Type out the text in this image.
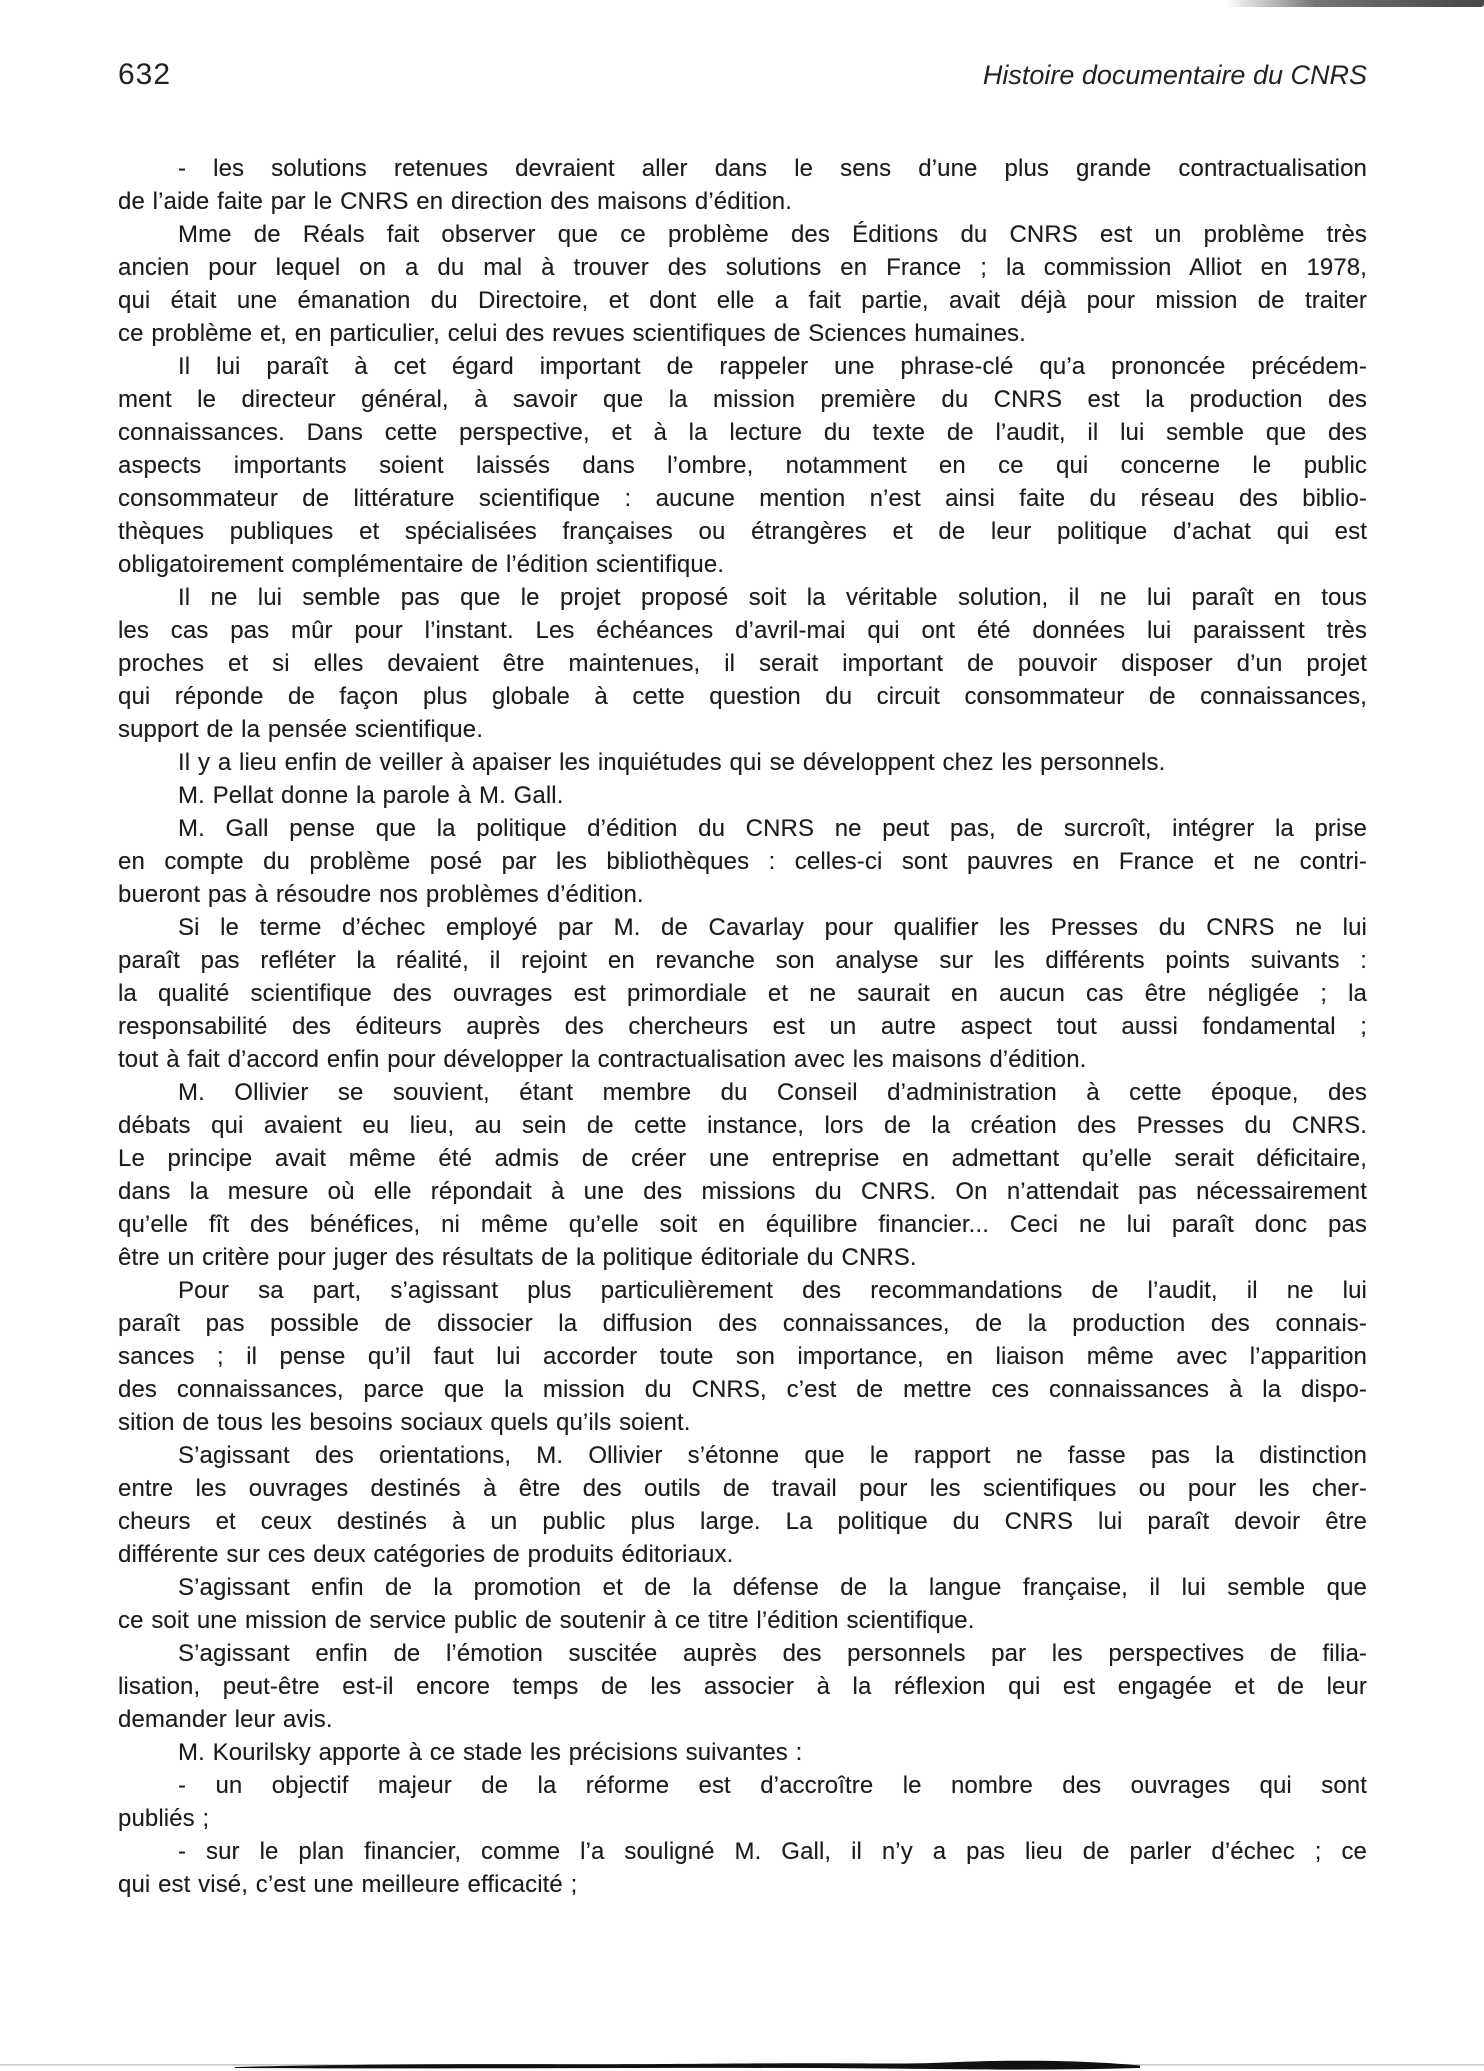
632	Histoire documentaire du CNRS
- les solutions retenues devraient aller dans le sens d’une plus grande contractualisation
de l’aide faite par le CNRS en direction des maisons d’édition.
Mme de Réals fait observer que ce problème des Éditions du CNRS est un problème très
ancien pour lequel on a du mal à trouver des solutions en France ; la commission Alliot en 1978,
qui était une émanation du Directoire, et dont elle a fait partie, avait déjà pour mission de traiter
ce problème et, en particulier, celui des revues scientifiques de Sciences humaines.
Il lui paraît à cet égard important de rappeler une phrase-clé qu’a prononcée précédem-
ment le directeur général, à savoir que la mission première du CNRS est la production des
connaissances. Dans cette perspective, et à la lecture du texte de l’audit, il lui semble que des
aspects importants soient laissés dans l’ombre, notamment en ce qui concerne le public
consommateur de littérature scientifique : aucune mention n’est ainsi faite du réseau des biblio-
thèques publiques et spécialisées françaises ou étrangères et de leur politique d’achat qui est
obligatoirement complémentaire de l’édition scientifique.
Il ne lui semble pas que le projet proposé soit la véritable solution, il ne lui paraît en tous
les cas pas mûr pour l’instant. Les échéances d’avril-mai qui ont été données lui paraissent très
proches et si elles devaient être maintenues, il serait important de pouvoir disposer d’un projet
qui réponde de façon plus globale à cette question du circuit consommateur de connaissances,
support de la pensée scientifique.
Il y a lieu enfin de veiller à apaiser les inquiétudes qui se développent chez les personnels.
M. Pellat donne la parole à M. Gall.
M. Gall pense que la politique d’édition du CNRS ne peut pas, de surcroît, intégrer la prise
en compte du problème posé par les bibliothèques : celles-ci sont pauvres en France et ne contri-
bueront pas à résoudre nos problèmes d’édition.
Si le terme d’échec employé par M. de Cavarlay pour qualifier les Presses du CNRS ne lui
paraît pas refléter la réalité, il rejoint en revanche son analyse sur les différents points suivants :
la qualité scientifique des ouvrages est primordiale et ne saurait en aucun cas être négligée ; la
responsabilité des éditeurs auprès des chercheurs est un autre aspect tout aussi fondamental ;
tout à fait d’accord enfin pour développer la contractualisation avec les maisons d’édition.
M. Ollivier se souvient, étant membre du Conseil d’administration à cette époque, des
débats qui avaient eu lieu, au sein de cette instance, lors de la création des Presses du CNRS.
Le principe avait même été admis de créer une entreprise en admettant qu’elle serait déficitaire,
dans la mesure où elle répondait à une des missions du CNRS. On n’attendait pas nécessairement
qu’elle fît des bénéfices, ni même qu’elle soit en équilibre financier... Ceci ne lui paraît donc pas
être un critère pour juger des résultats de la politique éditoriale du CNRS.
Pour sa part, s’agissant plus particulièrement des recommandations de l’audit, il ne lui
paraît pas possible de dissocier la diffusion des connaissances, de la production des connais-
sances ; il pense qu’il faut lui accorder toute son importance, en liaison même avec l’apparition
des connaissances, parce que la mission du CNRS, c’est de mettre ces connaissances à la dispo-
sition de tous les besoins sociaux quels qu’ils soient.
S’agissant des orientations, M. Ollivier s’étonne que le rapport ne fasse pas la distinction
entre les ouvrages destinés à être des outils de travail pour les scientifiques ou pour les cher-
cheurs et ceux destinés à un public plus large. La politique du CNRS lui paraît devoir être
différente sur ces deux catégories de produits éditoriaux.
S’agissant enfin de la promotion et de la défense de la langue française, il lui semble que
ce soit une mission de service public de soutenir à ce titre l’édition scientifique.
S’agissant enfin de l’émotion suscitée auprès des personnels par les perspectives de filia-
lisation, peut-être est-il encore temps de les associer à la réflexion qui est engagée et de leur
demander leur avis.
M. Kourilsky apporte à ce stade les précisions suivantes :
- un objectif majeur de la réforme est d’accroître le nombre des ouvrages qui sont
publiés ;
- sur le plan financier, comme l’a souligné M. Gall, il n’y a pas lieu de parler d’échec ; ce
qui est visé, c’est une meilleure efficacité ;
